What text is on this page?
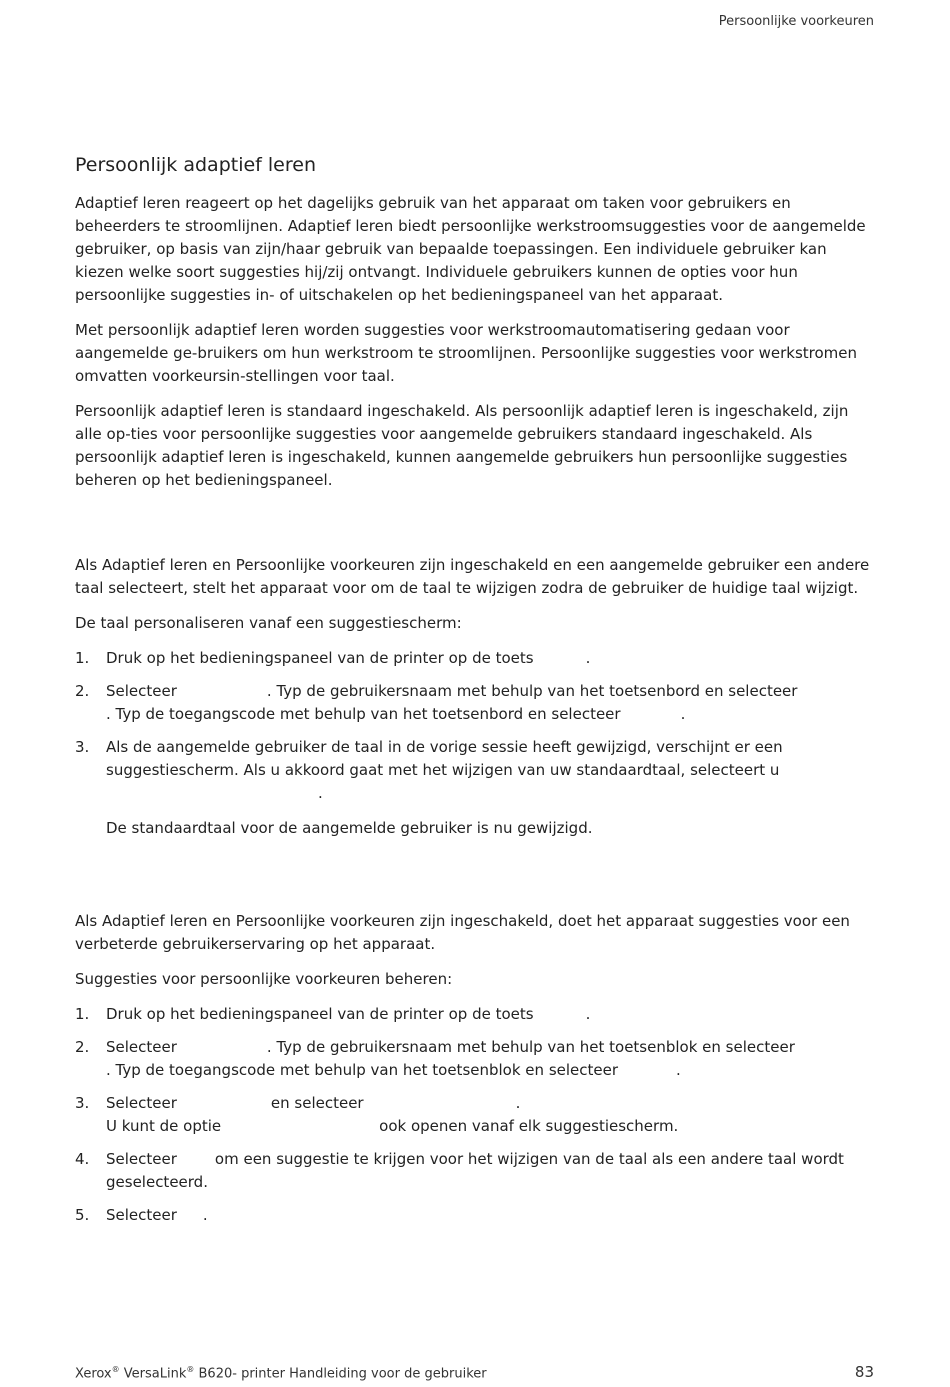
Persoonlijke voorkeuren
Persoonlijk adaptief leren

Adaptief leren reageert op het dagelijks gebruik van het apparaat om taken voor gebruikers en beheerders te stroomlijnen. Adaptief leren biedt persoonlijke werkstroomsuggesties voor de aangemelde gebruiker, op basis van zijn/haar gebruik van bepaalde toepassingen. Een individuele gebruiker kan kiezen welke soort suggesties hij/zij ontvangt. Individuele gebruikers kunnen de opties voor hun persoonlijke suggesties in- of uitschakelen op het bedieningspaneel van het apparaat.

Met persoonlijk adaptief leren worden suggesties voor werkstroomautomatisering gedaan voor aangemelde ge-bruikers om hun werkstroom te stroomlijnen. Persoonlijke suggesties voor werkstromen omvatten voorkeursin-stellingen voor taal.

Persoonlijk adaptief leren is standaard ingeschakeld. Als persoonlijk adaptief leren is ingeschakeld, zijn alle op-ties voor persoonlijke suggesties voor aangemelde gebruikers standaard ingeschakeld. Als persoonlijk adaptief leren is ingeschakeld, kunnen aangemelde gebruikers hun persoonlijke suggesties beheren op het bedieningspaneel.

Als Adaptief leren en Persoonlijke voorkeuren zijn ingeschakeld en een aangemelde gebruiker een andere taal selecteert, stelt het apparaat voor om de taal te wijzigen zodra de gebruiker de huidige taal wijzigt.

De taal personaliseren vanaf een suggestiescherm:

1. Druk op het bedieningspaneel van de printer op de toets	.
2. Selecteer	. Typ de gebruikersnaam met behulp van het toetsenbord en selecteer. Typ de toegangscode met behulp van het toetsenbord en selecteer	.
3. Als de aangemelde gebruiker de taal in de vorige sessie heeft gewijzigd, verschijnt er een suggestiescherm. Als u akkoord gaat met het wijzigen van uw standaardtaal, selecteert u.

De standaardtaal voor de aangemelde gebruiker is nu gewijzigd.

Als Adaptief leren en Persoonlijke voorkeuren zijn ingeschakeld, doet het apparaat suggesties voor een verbeterde gebruikerservaring op het apparaat.

Suggesties voor persoonlijke voorkeuren beheren:

1. Druk op het bedieningspaneel van de printer op de toets	.
2. Selecteer	. Typ de gebruikersnaam met behulp van het toetsenblok en selecteer. Typ de toegangscode met behulp van het toetsenblok en selecteer	.
3. Selecteer	en selecteer	.
U kunt de optie	ook openen vanaf elk suggestiescherm.
4. Selecteer	om een suggestie te krijgen voor het wijzigen van de taal als een andere taal wordt geselecteerd.
5. Selecteer .
Xerox® VersaLink® B620- printer Handleiding voor de gebruiker	83
